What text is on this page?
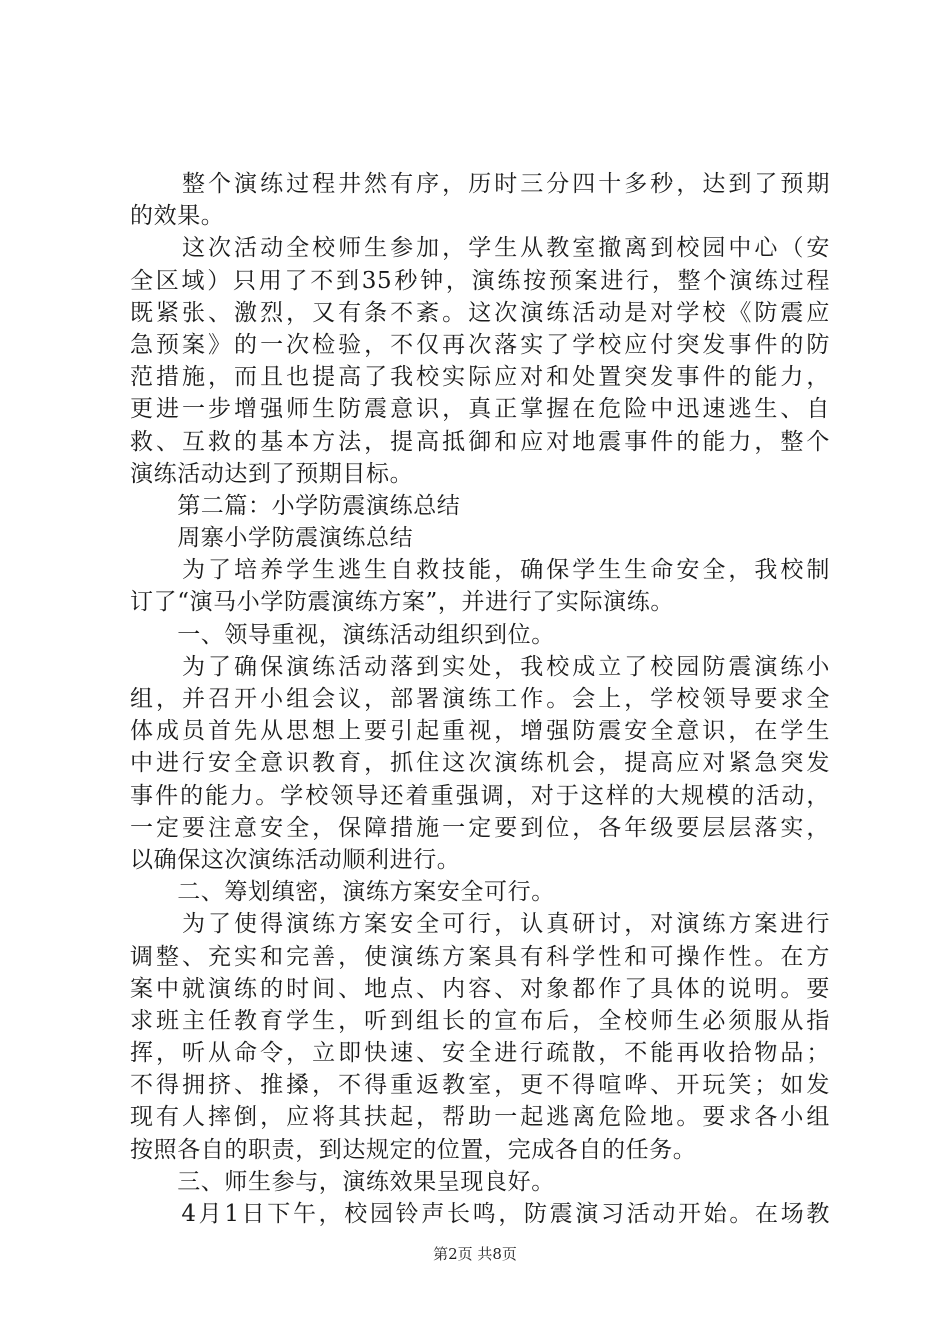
　　整个演练过程井然有序，历时三分四十多秒，达到了预期
的效果。
　　这次活动全校师生参加，学生从教室撤离到校园中心（安
全区域）只用了不到35秒钟，演练按预案进行，整个演练过程
既紧张、激烈，又有条不紊。这次演练活动是对学校《防震应
急预案》的一次检验，不仅再次落实了学校应付突发事件的防
范措施，而且也提高了我校实际应对和处置突发事件的能力，
更进一步增强师生防震意识，真正掌握在危险中迅速逃生、自
救、互救的基本方法，提高抵御和应对地震事件的能力，整个
演练活动达到了预期目标。
　　第二篇：小学防震演练总结
　　周寨小学防震演练总结
　　为了培养学生逃生自救技能，确保学生生命安全，我校制
订了“演马小学防震演练方案”，并进行了实际演练。
　　一、领导重视，演练活动组织到位。
　　为了确保演练活动落到实处，我校成立了校园防震演练小
组，并召开小组会议，部署演练工作。会上，学校领导要求全
体成员首先从思想上要引起重视，增强防震安全意识，在学生
中进行安全意识教育，抓住这次演练机会，提高应对紧急突发
事件的能力。学校领导还着重强调，对于这样的大规模的活动，
一定要注意安全，保障措施一定要到位，各年级要层层落实，
以确保这次演练活动顺利进行。
　　二、筹划缜密，演练方案安全可行。
　　为了使得演练方案安全可行，认真研讨，对演练方案进行
调整、充实和完善，使演练方案具有科学性和可操作性。在方
案中就演练的时间、地点、内容、对象都作了具体的说明。要
求班主任教育学生，听到组长的宣布后，全校师生必须服从指
挥，听从命令，立即快速、安全进行疏散，不能再收拾物品；
不得拥挤、推搡，不得重返教室，更不得喧哗、开玩笑；如发
现有人摔倒，应将其扶起，帮助一起逃离危险地。要求各小组
按照各自的职责，到达规定的位置，完成各自的任务。
　　三、师生参与，演练效果呈现良好。
　　4月1日下午，校园铃声长鸣，防震演习活动开始。在场教
第2页 共8页
